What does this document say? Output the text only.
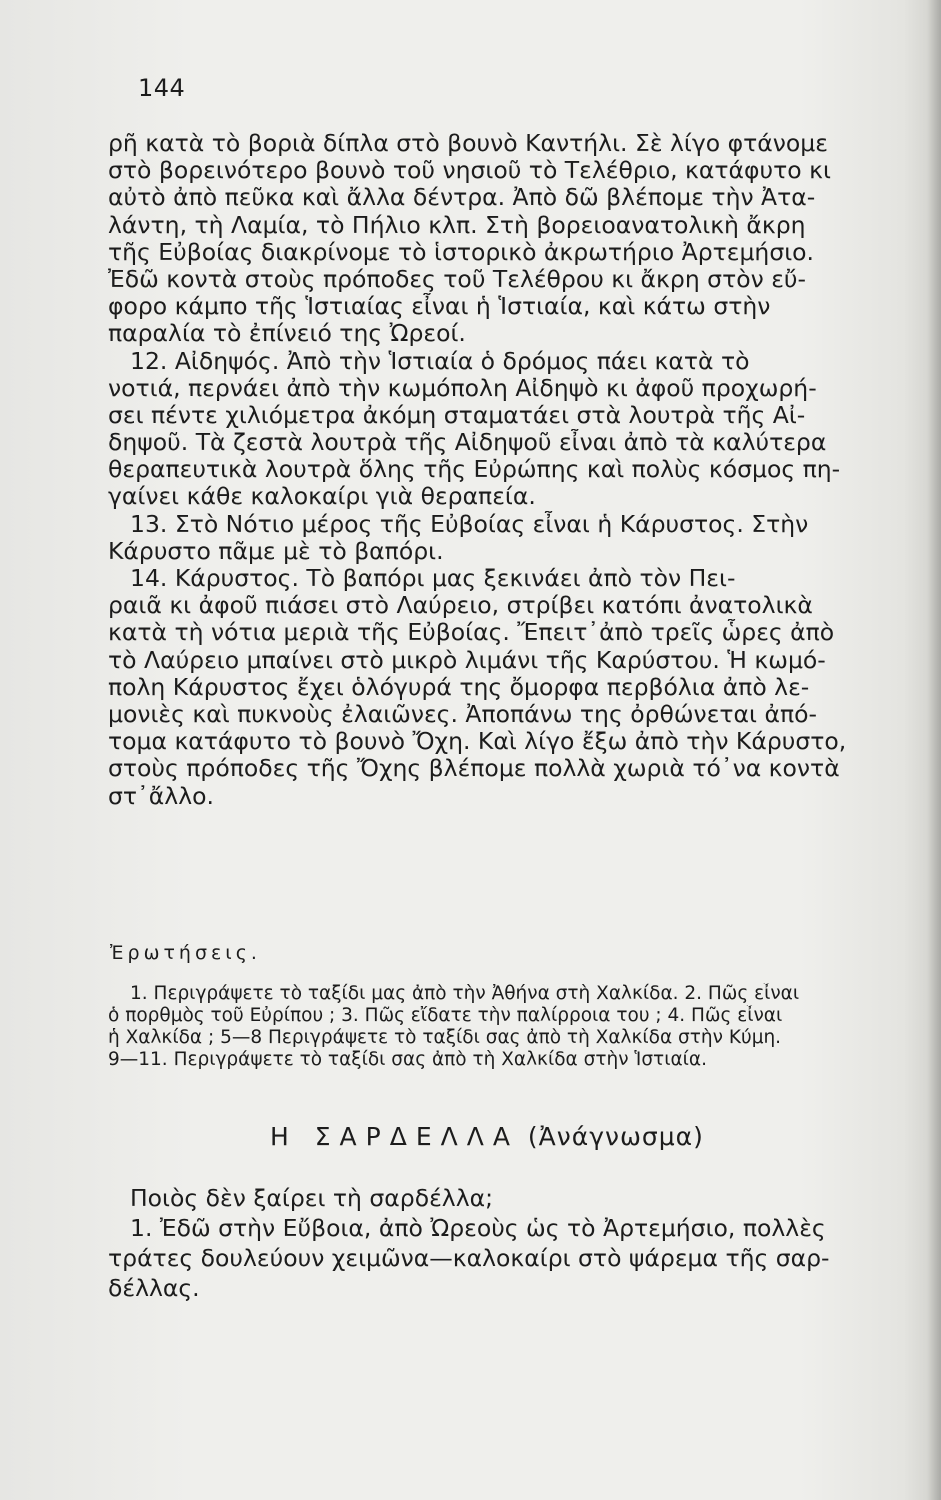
144
ρῆ κατὰ τὸ βοριὰ δίπλα στὸ βουνὸ Καντήλι. Σὲ λίγο φτάνομε
στὸ βορεινότερο βουνὸ τοῦ νησιοῦ τὸ Τελέθριο, κατάφυτο κι
αὐτὸ ἀπὸ πεῦκα καὶ ἄλλα δέντρα. Ἀπὸ δῶ βλέπομε τὴν Ἀτα-
λάντη, τὴ Λαμία, τὸ Πήλιο κλπ. Στὴ βορειοανατολικὴ ἄκρη
τῆς Εὐβοίας διακρίνομε τὸ ἱστορικὸ ἀκρωτήριο Ἀρτεμήσιο.
Ἐδῶ κοντὰ στοὺς πρόποδες τοῦ Τελέθρου κι ἄκρη στὸν εὔ-
φορο κάμπο τῆς Ἱστιαίας εἶναι ἡ Ἱστιαία, καὶ κάτω στὴν
παραλία τὸ ἐπίνειό της Ὠρεοί.
12. Αἰδηψός. Ἀπὸ τὴν Ἱστιαία ὁ δρόμος πάει κατὰ τὸ
νοτιά, περνάει ἀπὸ τὴν κωμόπολη Αἰδηψὸ κι ἀφοῦ προχωρή-
σει πέντε χιλιόμετρα ἀκόμη σταματάει στὰ λουτρὰ τῆς Αἰ-
δηψοῦ. Τὰ ζεστὰ λουτρὰ τῆς Αἰδηψοῦ εἶναι ἀπὸ τὰ καλύτερα
θεραπευτικὰ λουτρὰ ὅλης τῆς Εὐρώπης καὶ πολὺς κόσμος πη-
γαίνει κάθε καλοκαίρι γιὰ θεραπεία.
13. Στὸ Νότιο μέρος τῆς Εὐβοίας εἶναι ἡ Κάρυστος. Στὴν
Κάρυστο πᾶμε μὲ τὸ βαπόρι.
14. Κάρυστος. Τὸ βαπόρι μας ξεκινάει ἀπὸ τὸν Πει-
ραιᾶ κι ἀφοῦ πιάσει στὸ Λαύρειο, στρίβει κατόπι ἀνατολικὰ
κατὰ τὴ νότια μεριὰ τῆς Εὐβοίας. Ἔπειτ᾿ἀπὸ τρεῖς ὧρες ἀπὸ
τὸ Λαύρειο μπαίνει στὸ μικρὸ λιμάνι τῆς Καρύστου. Ἡ κωμό-
πολη Κάρυστος ἔχει ὁλόγυρά της ὄμορφα περβόλια ἀπὸ λε-
μονιὲς καὶ πυκνοὺς ἐλαιῶνες. Ἀποπάνω της ὀρθώνεται ἀπό-
τομα κατάφυτο τὸ βουνὸ Ὄχη. Καὶ λίγο ἔξω ἀπὸ τὴν Κάρυστο,
στοὺς πρόποδες τῆς Ὄχης βλέπομε πολλὰ χωριὰ τό᾿να κοντὰ
στ᾿ἄλλο.
Ἐρωτήσεις.
1. Περιγράψετε τὸ ταξίδι μας ἀπὸ τὴν Ἀθήνα στὴ Χαλκίδα. 2. Πῶς εἶναι
ὁ πορθμὸς τοῦ Εὐρίπου ; 3. Πῶς εἴδατε τὴν παλίρροια του ; 4. Πῶς εἶναι
ἡ Χαλκίδα ; 5—8 Περιγράψετε τὸ ταξίδι σας ἀπὸ τὴ Χαλκίδα στὴν Κύμη.
9—11. Περιγράψετε τὸ ταξίδι σας ἀπὸ τὴ Χαλκίδα στὴν Ἱστιαία.
Η ΣΑΡΔΕΛΛΑ (Ἀνάγνωσμα)
Ποιὸς δὲν ξαίρει τὴ σαρδέλλα;
1. Ἐδῶ στὴν Εὔβοια, ἀπὸ Ὠρεοὺς ὡς τὸ Ἀρτεμήσιο, πολλὲς
τράτες δουλεύουν χειμῶνα—καλοκαίρι στὸ ψάρεμα τῆς σαρ-
δέλλας.
